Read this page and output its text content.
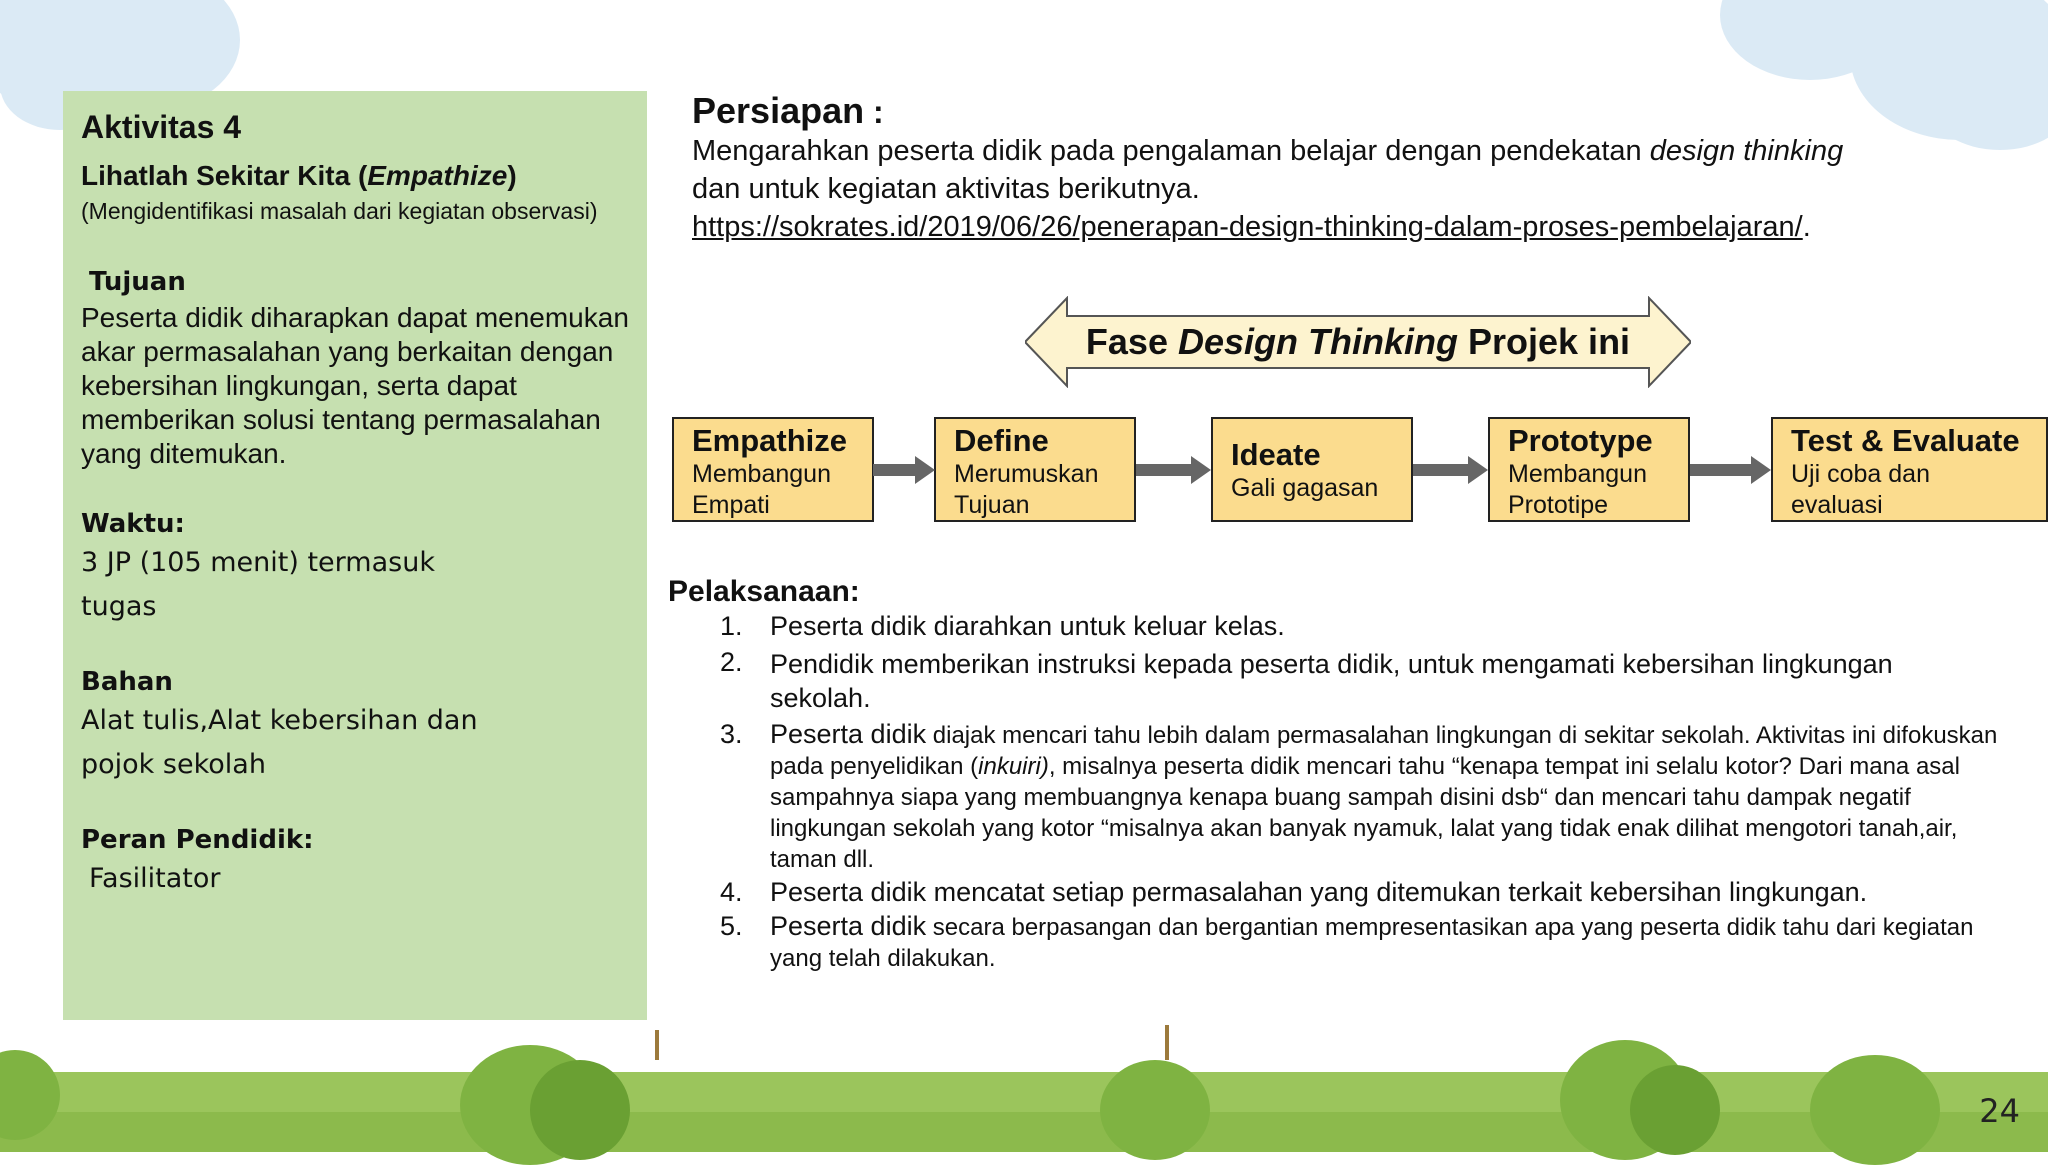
Aktivitas 4
Lihatlah Sekitar Kita (Empathize)
(Mengidentifikasi masalah dari kegiatan observasi)
Tujuan
Peserta didik diharapkan dapat menemukan akar permasalahan yang berkaitan dengan kebersihan lingkungan, serta dapat memberikan solusi tentang permasalahan yang ditemukan.
Waktu:
3 JP (105 menit) termasuk tugas
Bahan
Alat tulis,Alat kebersihan dan pojok sekolah
Peran Pendidik:
Fasilitator
Persiapan :
Mengarahkan peserta didik pada pengalaman belajar dengan pendekatan design thinking dan untuk kegiatan aktivitas berikutnya.
https://sokrates.id/2019/06/26/penerapan-design-thinking-dalam-proses-pembelajaran/.
Fase Design Thinking Projek ini
Empathize
Membangun Empati
Define
Merumuskan Tujuan
Ideate
Gali gagasan
Prototype
Membangun Prototipe
Test & Evaluate
Uji coba dan evaluasi
Pelaksanaan:
1. Peserta didik diarahkan untuk keluar kelas.
2. Pendidik memberikan instruksi kepada peserta didik, untuk mengamati kebersihan lingkungan sekolah.
3. Peserta didik diajak mencari tahu lebih dalam permasalahan lingkungan di sekitar sekolah. Aktivitas ini difokuskan pada penyelidikan (inkuiri), misalnya peserta didik mencari tahu “kenapa tempat ini selalu kotor? Dari mana asal sampahnya siapa yang membuangnya kenapa buang sampah disini dsb“ dan mencari tahu dampak negatif lingkungan sekolah yang kotor “misalnya akan banyak nyamuk, lalat yang tidak enak dilihat mengotori tanah,air, taman dll.
4. Peserta didik mencatat setiap permasalahan yang ditemukan terkait kebersihan lingkungan.
5. Peserta didik secara berpasangan dan bergantian mempresentasikan apa yang peserta didik tahu dari kegiatan yang telah dilakukan.
24
